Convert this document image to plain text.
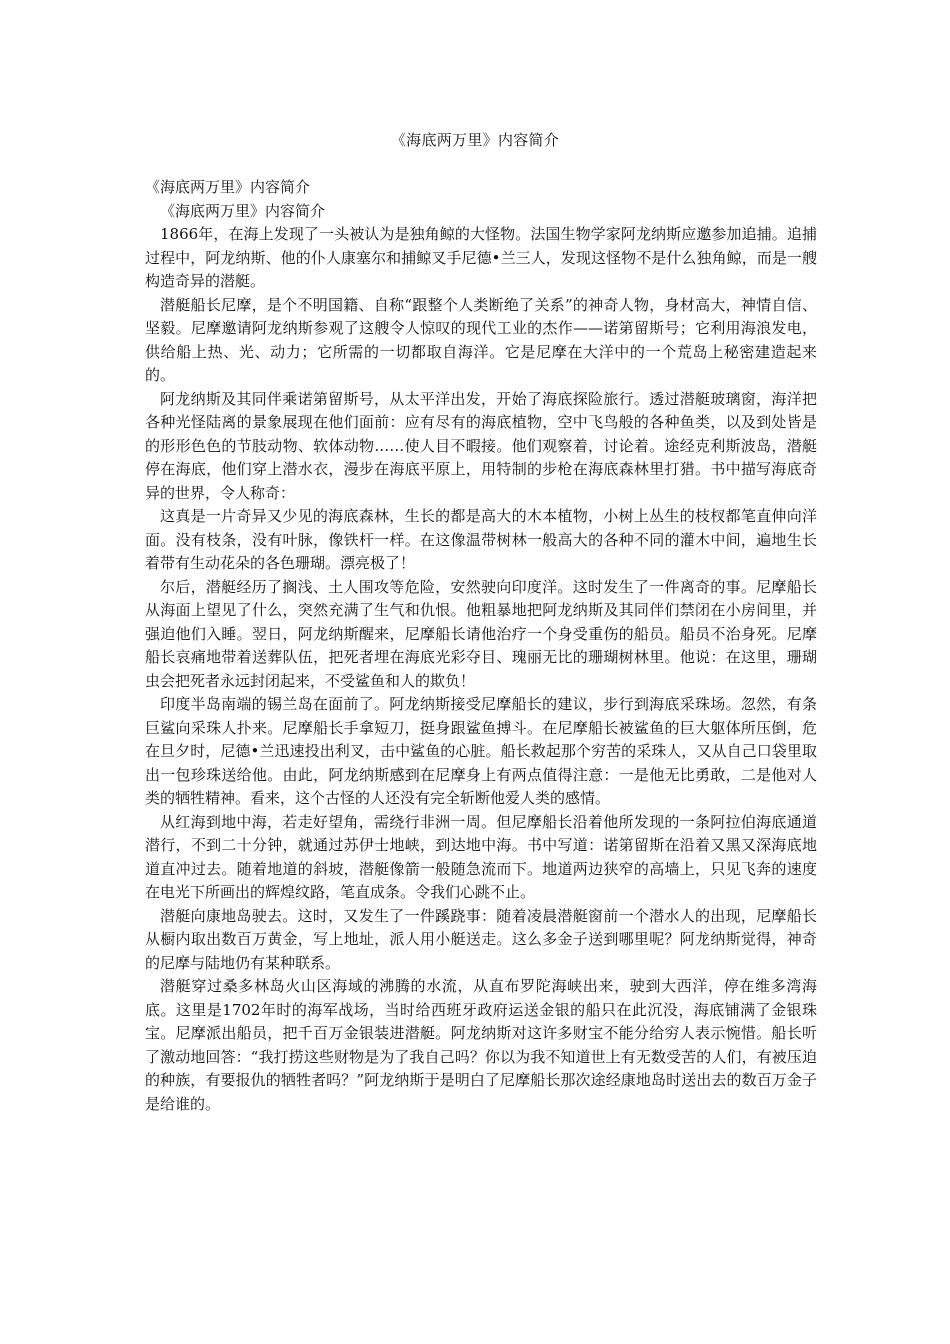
《海底两万里》内容简介

《海底两万里》内容简介

《海底两万里》内容简介

1866年，在海上发现了一头被认为是独角鲸的大怪物。法国生物学家阿龙纳斯应邀参加追捕。追捕过程中，阿龙纳斯、他的仆人康塞尔和捕鲸叉手尼德•兰三人，发现这怪物不是什么独角鲸，而是一艘构造奇异的潜艇。

潜艇船长尼摩，是个不明国籍、自称“跟整个人类断绝了关系”的神奇人物，身材高大，神情自信、坚毅。尼摩邀请阿龙纳斯参观了这艘令人惊叹的现代工业的杰作——诺第留斯号；它利用海浪发电，供给船上热、光、动力；它所需的一切都取自海洋。它是尼摩在大洋中的一个荒岛上秘密建造起来的。

阿龙纳斯及其同伴乘诺第留斯号，从太平洋出发，开始了海底探险旅行。透过潜艇玻璃窗，海洋把各种光怪陆离的景象展现在他们面前：应有尽有的海底植物，空中飞鸟般的各种鱼类，以及到处皆是的形形色色的节肢动物、软体动物……使人目不暇接。他们观察着，讨论着。途经克利斯波岛，潜艇停在海底，他们穿上潜水衣，漫步在海底平原上，用特制的步枪在海底森林里打猎。书中描写海底奇异的世界，令人称奇：

这真是一片奇异又少见的海底森林，生长的都是高大的木本植物，小树上丛生的枝杈都笔直伸向洋面。没有枝条，没有叶脉，像铁杆一样。在这像温带树林一般高大的各种不同的灌木中间，遍地生长着带有生动花朵的各色珊瑚。漂亮极了！

尔后，潜艇经历了搁浅、土人围攻等危险，安然驶向印度洋。这时发生了一件离奇的事。尼摩船长从海面上望见了什么，突然充满了生气和仇恨。他粗暴地把阿龙纳斯及其同伴们禁闭在小房间里，并强迫他们入睡。翌日，阿龙纳斯醒来，尼摩船长请他治疗一个身受重伤的船员。船员不治身死。尼摩船长哀痛地带着送葬队伍，把死者埋在海底光彩夺目、瑰丽无比的珊瑚树林里。他说：在这里，珊瑚虫会把死者永远封闭起来，不受鲨鱼和人的欺负！

印度半岛南端的锡兰岛在面前了。阿龙纳斯接受尼摩船长的建议，步行到海底采珠场。忽然，有条巨鲨向采珠人扑来。尼摩船长手拿短刀，挺身跟鲨鱼搏斗。在尼摩船长被鲨鱼的巨大躯体所压倒，危在旦夕时，尼德•兰迅速投出利叉，击中鲨鱼的心脏。船长救起那个穷苦的采珠人，又从自己口袋里取出一包珍珠送给他。由此，阿龙纳斯感到在尼摩身上有两点值得注意：一是他无比勇敢，二是他对人类的牺牲精神。看来，这个古怪的人还没有完全斩断他爱人类的感情。

从红海到地中海，若走好望角，需绕行非洲一周。但尼摩船长沿着他所发现的一条阿拉伯海底通道潜行，不到二十分钟，就通过苏伊士地峡，到达地中海。书中写道：诺第留斯在沿着又黑又深海底地道直冲过去。随着地道的斜坡，潜艇像箭一般随急流而下。地道两边狭窄的高墙上，只见飞奔的速度在电光下所画出的辉煌纹路，笔直成条。令我们心跳不止。

潜艇向康地岛驶去。这时，又发生了一件蹊跷事：随着凌晨潜艇窗前一个潜水人的出现，尼摩船长从橱内取出数百万黄金，写上地址，派人用小艇送走。这么多金子送到哪里呢？阿龙纳斯觉得，神奇的尼摩与陆地仍有某种联系。

潜艇穿过桑多林岛火山区海域的沸腾的水流，从直布罗陀海峡出来，驶到大西洋，停在维多湾海底。这里是1702年时的海军战场，当时给西班牙政府运送金银的船只在此沉没，海底铺满了金银珠宝。尼摩派出船员，把千百万金银装进潜艇。阿龙纳斯对这许多财宝不能分给穷人表示惋惜。船长听了激动地回答：“我打捞这些财物是为了我自己吗？你以为我不知道世上有无数受苦的人们，有被压迫的种族，有要报仇的牺牲者吗？”阿龙纳斯于是明白了尼摩船长那次途经康地岛时送出去的数百万金子是给谁的。
